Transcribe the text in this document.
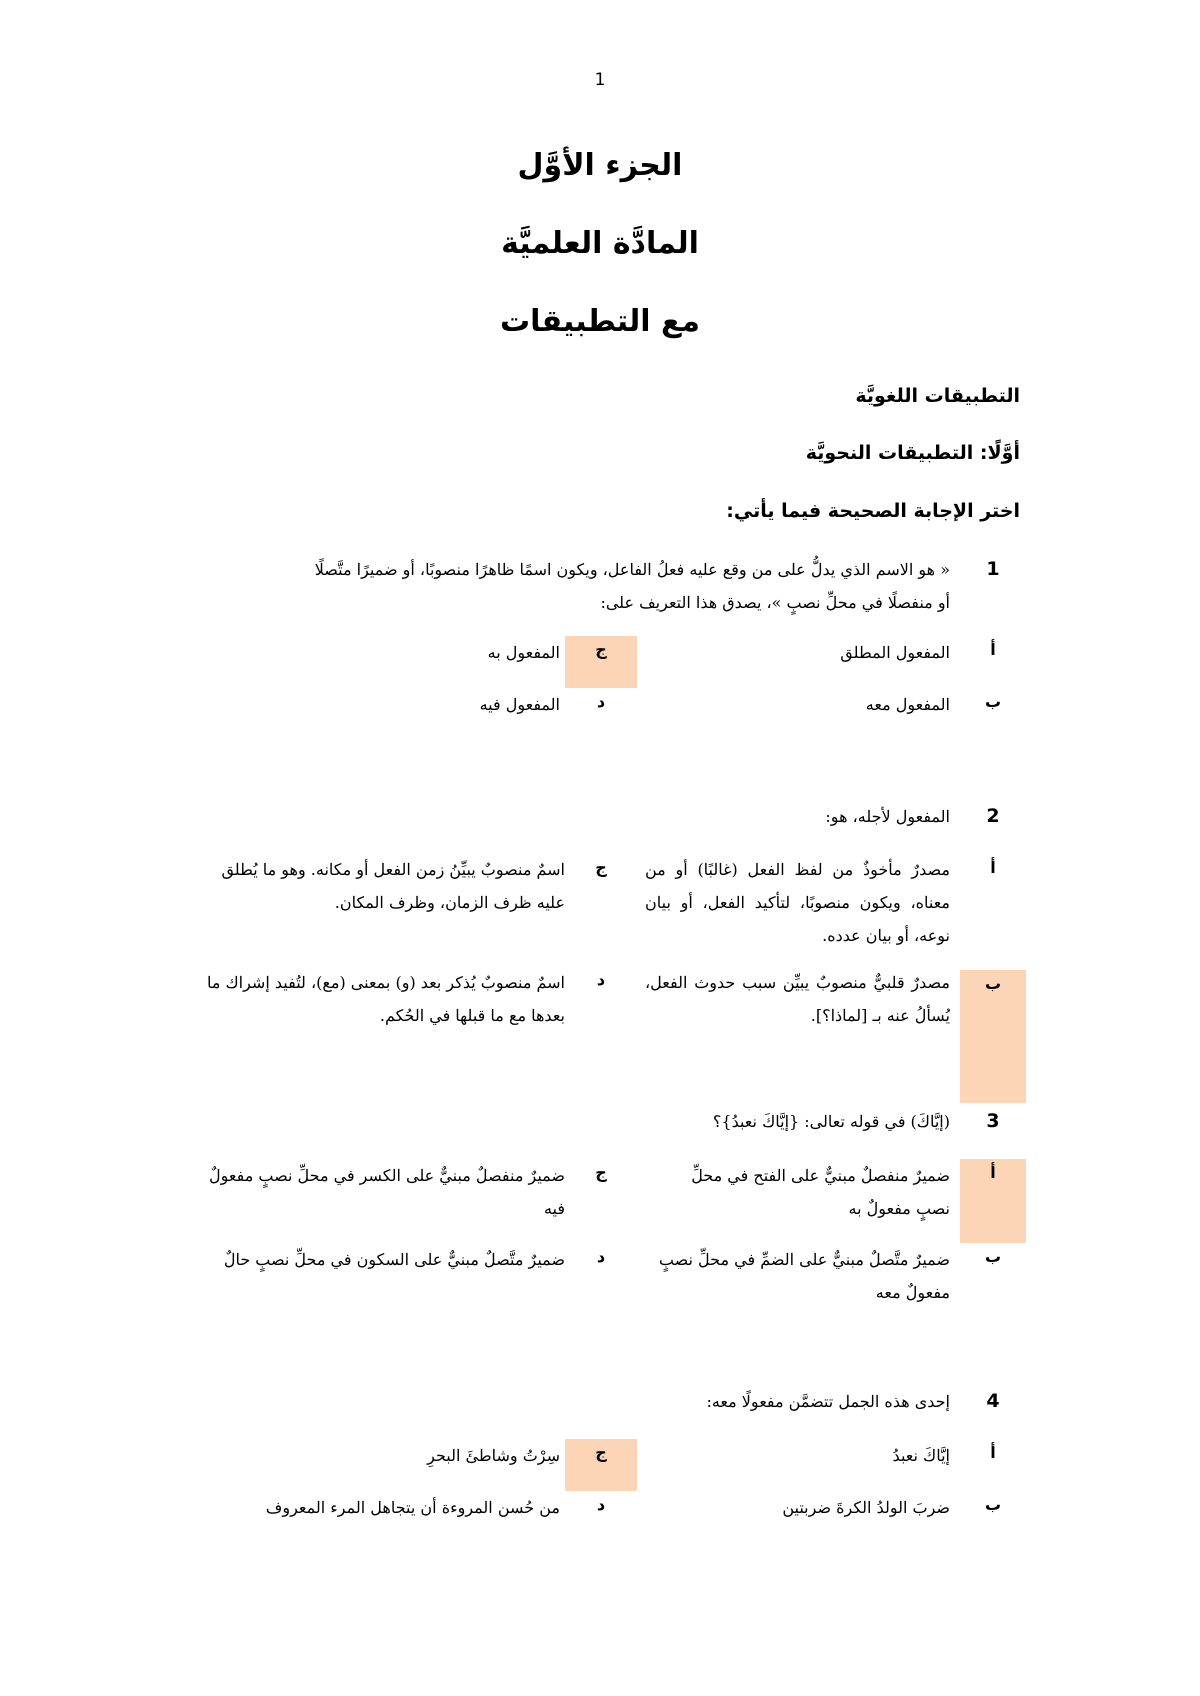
1
الجزء الأوَّل
المادَّة العلميَّة
مع التطبيقات
التطبيقات اللغويَّة
أوَّلًا: التطبيقات النحويَّة
اختر الإجابة الصحيحة فيما يأتي:
1
« هو الاسم الذي يدلُّ على من وقع عليه فعلُ الفاعل، ويكون اسمًا ظاهرًا منصوبًا، أو ضميرًا متَّصلًا
أو منفصلًا في محلِّ نصبٍ »، يصدق هذا التعريف على:
أ
المفعول المطلق
ج
المفعول به
ب
المفعول معه
د
المفعول فيه
2
المفعول لأجله، هو:
أ
مصدرٌ مأخوذٌ من لفظ الفعل (غالبًا) أو من معناه، ويكون منصوبًا، لتأكيد الفعل، أو بيان نوعه، أو بيان عدده.
ج
اسمٌ منصوبٌ يبيِّنُ زمن الفعل أو مكانه. وهو ما يُطلق عليه ظرف الزمان، وظرف المكان.
ب
مصدرٌ قلبيٌّ منصوبٌ يبيِّن سبب حدوث الفعل، يُسألُ عنه بـ [لماذا؟].
د
اسمٌ منصوبٌ يُذكر بعد (و) بمعنى (مع)، لتُفيد إشراك ما بعدها مع ما قبلها في الحُكم.
3
(إيَّاكَ) في قوله تعالى: {إيَّاكَ نعبدُ}؟
أ
ضميرٌ منفصلٌ مبنيٌّ على الفتح في محلِّ نصبٍ مفعولٌ به
ج
ضميرٌ منفصلٌ مبنيٌّ على الكسر في محلِّ نصبٍ مفعولٌ فيه
ب
ضميرٌ متَّصلٌ مبنيٌّ على الضمِّ في محلِّ نصبٍ مفعولٌ معه
د
ضميرٌ متَّصلٌ مبنيٌّ على السكون في محلِّ نصبٍ حالٌ
4
إحدى هذه الجمل تتضمَّن مفعولًا معه:
أ
إيَّاكَ نعبدُ
ج
سِرْتُ وشاطئَ البحرِ
ب
ضربَ الولدُ الكرةَ ضربتين
د
من حُسن المروءة أن يتجاهل المرء المعروف
